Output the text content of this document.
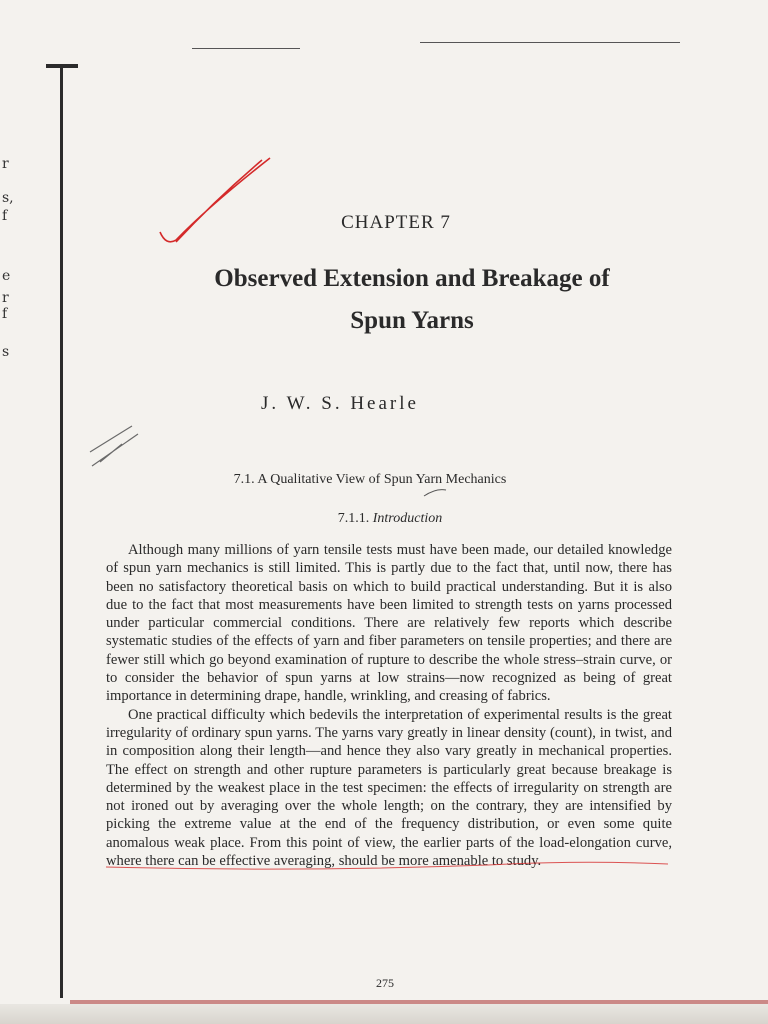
r
s,
f
e
r
f
s
CHAPTER 7
Observed Extension and Breakage of
Spun Yarns
J. W. S. Hearle
7.1. A Qualitative View of Spun Yarn Mechanics
7.1.1. Introduction

Although many millions of yarn tensile tests must have been made, our detailed knowledge of spun yarn mechanics is still limited. This is partly due to the fact that, until now, there has been no satisfactory theoretical basis on which to build practical understanding. But it is also due to the fact that most measurements have been limited to strength tests on yarns processed under particular commercial conditions. There are relatively few reports which describe systematic studies of the effects of yarn and fiber parameters on tensile properties; and there are fewer still which go beyond examination of rupture to describe the whole stress–strain curve, or to consider the behavior of spun yarns at low strains—now recognized as being of great importance in determining drape, handle, wrinkling, and creasing of fabrics.

One practical difficulty which bedevils the interpretation of experimental results is the great irregularity of ordinary spun yarns. The yarns vary greatly in linear density (count), in twist, and in composition along their length—and hence they also vary greatly in mechanical properties. The effect on strength and other rupture parameters is particularly great because breakage is determined by the weakest place in the test specimen: the effects of irregularity on strength are not ironed out by averaging over the whole length; on the contrary, they are intensified by picking the extreme value at the end of the frequency distribution, or even some quite anomalous weak place. From this point of view, the earlier parts of the load-elongation curve, where there can be effective averaging, should be more amenable to study.

275
